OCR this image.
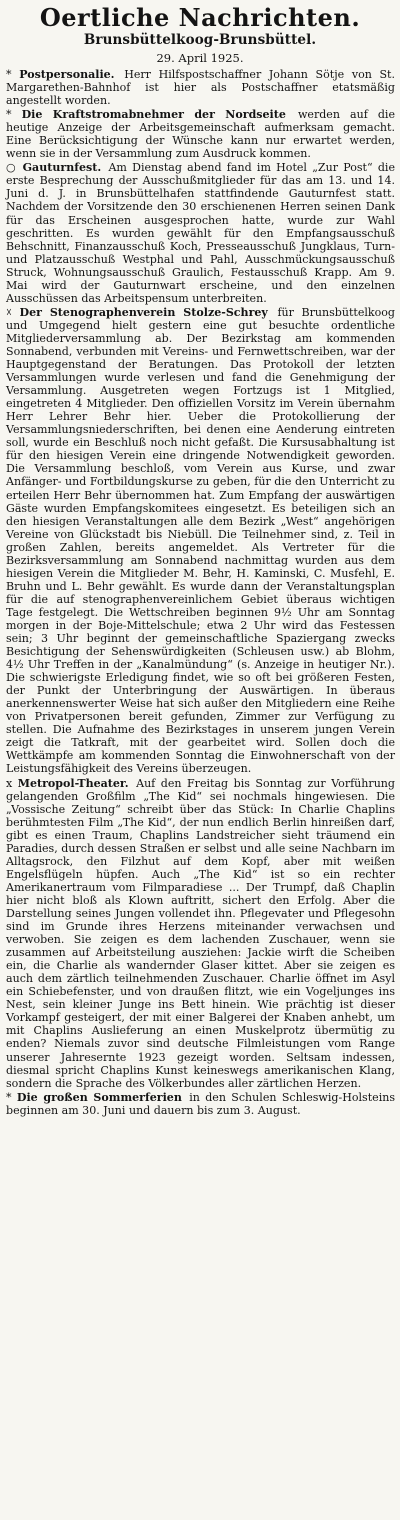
Oertliche Nachrichten.
Brunsbüttelkoog-Brunsbüttel.
29. April 1925.

* Postpersonalie. Herr Hilfspostschaffner Johann Sötje von St. Margarethen-Bahnhof ist hier als Postschaffner etatsmäßig angestellt worden.

* Die Kraftstromabnehmer der Nordseite werden auf die heutige Anzeige der Arbeitsgemeinschaft aufmerksam gemacht. Eine Berücksichtigung der Wünsche kann nur erwartet werden, wenn sie in der Versammlung zum Ausdruck kommen.

○ Gauturnfest. Am Dienstag abend fand im Hotel „Zur Post“ die erste Besprechung der Ausschußmitglieder für das am 13. und 14. Juni d. J. in Brunsbüttelhafen stattfindende Gauturnfest statt. Nachdem der Vorsitzende den 30 erschienenen Herren seinen Dank für das Erscheinen ausgesprochen hatte, wurde zur Wahl geschritten. Es wurden gewählt für den Empfangsausschuß Behschnitt, Finanzausschuß Koch, Presseausschuß Jungklaus, Turn- und Platzausschuß Westphal und Pahl, Ausschmückungsausschuß Struck, Wohnungsausschuß Graulich, Festausschuß Krapp. Am 9. Mai wird der Gauturnwart erscheine, und den einzelnen Ausschüssen das Arbeitspensum unterbreiten.

☓ Der Stenographenverein Stolze-Schrey für Brunsbüttelkoog und Umgegend hielt gestern eine gut besuchte ordentliche Mitgliederversammlung ab. Der Bezirkstag am kommenden Sonnabend, verbunden mit Vereins- und Fernwettschreiben, war der Hauptgegenstand der Beratungen. Das Protokoll der letzten Versammlungen wurde verlesen und fand die Genehmigung der Versammlung. Ausgetreten wegen Fortzugs ist 1 Mitglied, eingetreten 4 Mitglieder. Den offiziellen Vorsitz im Verein übernahm Herr Lehrer Behr hier. Ueber die Protokollierung der Versammlungsniederschriften, bei denen eine Aenderung eintreten soll, wurde ein Beschluß noch nicht gefaßt. Die Kursusabhaltung ist für den hiesigen Verein eine dringende Notwendigkeit geworden. Die Versammlung beschloß, vom Verein aus Kurse, und zwar Anfänger- und Fortbildungskurse zu geben, für die den Unterricht zu erteilen Herr Behr übernommen hat. Zum Empfang der auswärtigen Gäste wurden Empfangskomitees eingesetzt. Es beteiligen sich an den hiesigen Veranstaltungen alle dem Bezirk „West“ angehörigen Vereine von Glückstadt bis Niebüll. Die Teilnehmer sind, z. Teil in großen Zahlen, bereits angemeldet. Als Vertreter für die Bezirksversammlung am Sonnabend nachmittag wurden aus dem hiesigen Verein die Mitglieder M. Behr, H. Kaminski, C. Musfehl, E. Bruhn und L. Behr gewählt. Es wurde dann der Veranstaltungsplan für die auf stenographenvereinlichem Gebiet überaus wichtigen Tage festgelegt. Die Wettschreiben beginnen 9½ Uhr am Sonntag morgen in der Boje-Mittelschule; etwa 2 Uhr wird das Festessen sein; 3 Uhr beginnt der gemeinschaftliche Spaziergang zwecks Besichtigung der Sehenswürdigkeiten (Schleusen usw.) ab Blohm, 4½ Uhr Treffen in der „Kanalmündung“ (s. Anzeige in heutiger Nr.). Die schwierigste Erledigung findet, wie so oft bei größeren Festen, der Punkt der Unterbringung der Auswärtigen. In überaus anerkennenswerter Weise hat sich außer den Mitgliedern eine Reihe von Privatpersonen bereit gefunden, Zimmer zur Verfügung zu stellen. Die Aufnahme des Bezirkstages in unserem jungen Verein zeigt die Tatkraft, mit der gearbeitet wird. Sollen doch die Wettkämpfe am kommenden Sonntag die Einwohnerschaft von der Leistungsfähigkeit des Vereins überzeugen.

x Metropol-Theater. Auf den Freitag bis Sonntag zur Vorführung gelangenden Großfilm „The Kid“ sei nochmals hingewiesen. Die „Vossische Zeitung“ schreibt über das Stück: In Charlie Chaplins berühmtesten Film „The Kid“, der nun endlich Berlin hinreißen darf, gibt es einen Traum, Chaplins Landstreicher sieht träumend ein Paradies, durch dessen Straßen er selbst und alle seine Nachbarn im Alltagsrock, den Filzhut auf dem Kopf, aber mit weißen Engelsflügeln hüpfen. Auch „The Kid“ ist so ein rechter Amerikanertraum vom Filmparadiese ... Der Trumpf, daß Chaplin hier nicht bloß als Klown auftritt, sichert den Erfolg. Aber die Darstellung seines Jungen vollendet ihn. Pflegevater und Pflegesohn sind im Grunde ihres Herzens miteinander verwachsen und verwoben. Sie zeigen es dem lachenden Zuschauer, wenn sie zusammen auf Arbeitsteilung ausziehen: Jackie wirft die Scheiben ein, die Charlie als wandernder Glaser kittet. Aber sie zeigen es auch dem zärtlich teilnehmenden Zuschauer. Charlie öffnet im Asyl ein Schiebefenster, und von draußen flitzt, wie ein Vogeljunges ins Nest, sein kleiner Junge ins Bett hinein. Wie prächtig ist dieser Vorkampf gesteigert, der mit einer Balgerei der Knaben anhebt, um mit Chaplins Auslieferung an einen Muskelprotz übermütig zu enden? Niemals zuvor sind deutsche Filmleistungen vom Range unserer Jahresernte 1923 gezeigt worden. Seltsam indessen, diesmal spricht Chaplins Kunst keineswegs amerikanischen Klang, sondern die Sprache des Völkerbundes aller zärtlichen Herzen.

* Die großen Sommerferien in den Schulen Schleswig-Holsteins beginnen am 30. Juni und dauern bis zum 3. August.
